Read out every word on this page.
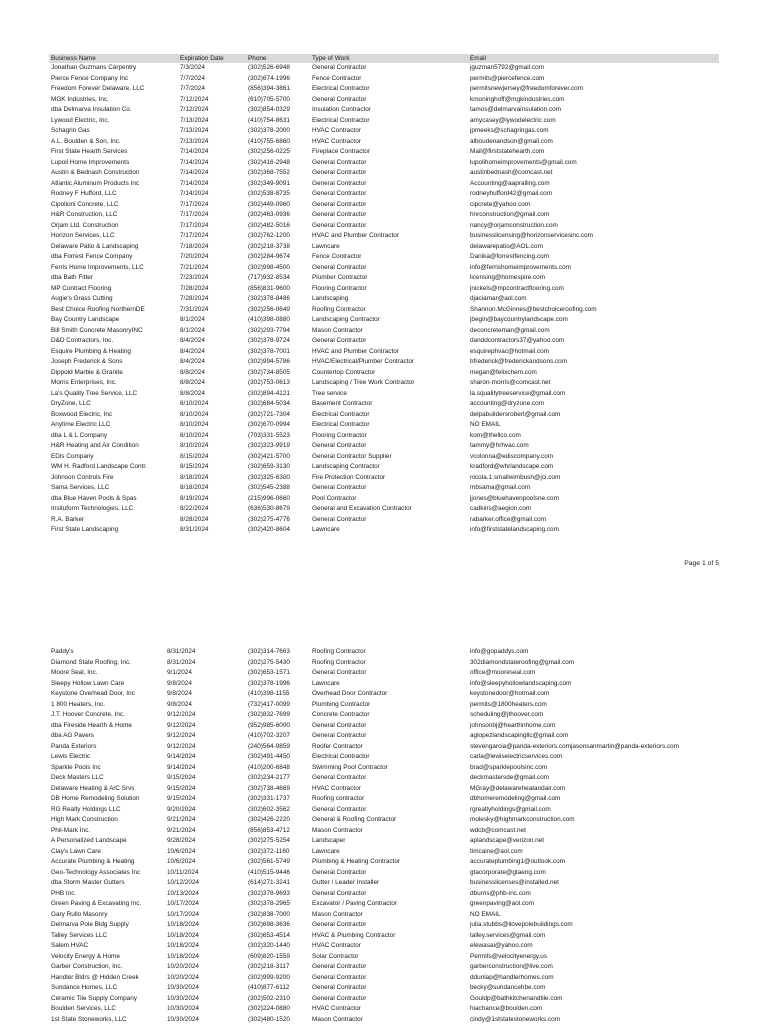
Business Name	Expiration Date	Phone	Type of Work	Email
Jonathan Guzmans Carpentry	7/3/2024	(302)526-6948	General Contractor	jguzman5792@gmail.com
Pierce Fence Company Inc	7/7/2024	(302)674-1996	Fence Contractor	permits@piercefence.com
Freedom Forever Delaware, LLC	7/7/2024	(856)394-3861	Electrical Contractor	permitsnewjersey@freedomforever.com
MGK Industries, Inc.	7/12/2024	(610)705-5700	General Contractor	kmoninghoff@mgkindustries.com
dba Delmarva Insulation Co.	7/12/2024	(302)854-0329	Insulation Contractor	tamos@delmarvainsulation.com
Lywood Electric, Inc.	7/13/2024	(410)754-8631	Electrical Contractor	amycasey@lywodelectric.com
Schagrin Gas	7/13/2024	(302)378-2000	HVAC Contractor	jpmeeks@schagringas.com
A.L. Boulden & Son, Inc.	7/13/2024	(410)755-6860	HVAC Contractor	alboudenandson@gmail.com
First State Hearth Services	7/14/2024	(302)256-0225	Fireplace Contractor	Mail@firststatehearth.com
Lupoli Home Improvements	7/14/2024	(302)416-2948	General Contractor	lupolihomeimprovements@gmail.com
Austin & Bednash Construction	7/14/2024	(302)368-7552	General Contractor	austinbednash@comcast.net
Atlantic Aluminum Products Inc	7/14/2024	(302)349-9091	General Contractor	Accounting@aapralling.com
Rodney F Hufford, LLC	7/14/2024	(302)538-8735	General Contractor	rodneyhufford42@gmail.com
Cipolloni Concrete, LLC	7/17/2024	(302)449-0960	General Contractor	cipcrete@yahoo.com
H&R Construction, LLC	7/17/2024	(302)463-0936	General Contractor	hnrconstruction@gmail.com
Orjam Ltd. Construction	7/17/2024	(302)482-5016	General Contractor	nancy@orjamconstruction.com
Horizon Services, LLC	7/17/2024	(302)762-1200	HVAC and Plumber Contractor	businesslicensing@horizonservicesinc.com
Delaware Patio & Landscaping	7/18/2024	(302)218-3738	Lawncare	delawarepatio@AOL.com
dba Forrest Fence Company	7/20/2024	(302)284-9674	Fence Contractor	Danika@forrestfencing.com
Ferris Home Improvements, LLC	7/21/2024	(302)998-4500	General Contractor	info@ferrishomeimprovements.com
dba Bath Fitter	7/23/2024	(717)932-8534	Plumber Contractor	licensing@homespire.com
MP Contract Flooring	7/28/2024	(856)831-9600	Flooring Contractor	jnickels@mpcontractflooring.com
Augie's Grass Cutting	7/28/2024	(302)378-8486	Landscaping	djaciamar@aol.com
Best Choice Roofing NorthernDE	7/31/2024	(302)256-0649	Roofing Contractor	Shannon.McGinnes@bestchoiceroofing.com
Bay Country Landscape	8/1/2024	(410)398-0880	Landscaping Contractor	jbegin@baycountrylandscape.com
Bill Smith Concrete MasonryINC	8/1/2024	(302)293-7794	Mason Contractor	deconcreteman@gmail.com
D&D Contractors, Inc.	8/4/2024	(302)378-9724	General Contractor	danddcontractors37@yahoo.com
Esquire Plumbing & Heating	8/4/2024	(302)378-7001	HVAC and Plumber Contractor	esquirephvac@hotmail.com
Joseph Frederick & Sons	8/4/2024	(302)994-5786	HVAC/Electrical/Plumber Contractor	bfrederick@frederickandsons.com
Dippold Marble & Granite	8/8/2024	(302)734-8505	Countertop Contractor	megan@felixchem.com
Morris Enterprises, Inc.	8/8/2024	(302)753-0613	Landscaping / Tree Work Contractor	sharon-morris@comcast.net
La's Quality Tree Service, LLC	8/8/2024	(302)894-4121	Tree service	la.squalitytreeservice@gmail.com
DryZone, LLC	8/10/2024	(302)684-5034	Basement Contractor	accounting@dryzone.com
Boxwood Electric, Inc	8/10/2024	(302)721-7304	Electrical Contractor	delpabuildersrobert@gmail.com
Anytime Electric LLC	8/10/2024	(302)670-0994	Electrical Contractor	NO EMAIL
dba L & L Company	8/10/2024	(703)331-5523	Flooring Contractor	kom@thellco.com
H&R Heating and Air Condition	8/10/2024	(302)323-9919	General Contractor	tammy@hrhvac.com
EDis Company	8/15/2024	(302)421-5700	General Contractor Supplier	vcolonna@ediscompany.com
WM H. Radford Landscape Contr.	8/15/2024	(302)659-3130	Landscaping Contractor	kradford@whrlandscape.com
Johnson Controls Fire	8/18/2024	(302)325-6300	Fire Protection Contractor	nicola.1.smallwimbush@jci.com
Sama Services, LLC	8/18/2024	(302)545-2388	General Contractor	mbsama@gmail.com
dba Blue Haven Pools & Spas	8/19/2024	(215)996-0660	Pool Contractor	jjones@bluehavenpoolsne.com
Insituform Technologies, LLC	8/22/2024	(636)530-8679	General and Excavation Contractor	cadkins@aegion.com
R.A. Barker	8/28/2024	(302)275-4776	General Contractor	rabarker.office@gmail.com
First State Landscaping	8/31/2024	(302)420-8604	Lawncare	info@firststatelandscaping.com
Page 1 of 5
Paddy's	8/31/2024	(302)314-7663	Roofing Contractor	info@gopaddys.com
Diamond State Roofing, Inc.	8/31/2024	(302)275-5430	Roofing Contractor	302diamondstateroofing@gmail.com
Moore Seal, Inc.	9/1/2024	(302)653-1571	General Contractor	office@mooreseal.com
Sleepy Hollow Lawn Care	9/8/2024	(302)378-1996	Lawncare	info@sleepyhollowlandscaping.com
Keystone Overhead Door, Inc	9/8/2024	(410)398-1155	Overhead Door Contractor	keystonedoor@hotmail.com
1 800 Heaters, Inc.	9/8/2024	(732)417-0099	Plumbing Contractor	permits@1800heaters.com
J.T. Hoover Concrete, Inc.	9/12/2024	(302)832-7699	Concrete Contractor	scheduling@jthoover.com
dba Fireside Hearth & Home	9/12/2024	(952)985-6000	General Contractor	johnsonbj@hearthnhome.com
dba AG Pavers	9/12/2024	(410)702-3207	General Contractor	aglopezlandscapingllc@gmail.com
Panda Exteriors	9/12/2024	(240)564-9859	Roofer Contractor	stevengarcia@panda-exteriors.comjasonsanmartin@panda-exteriors.com
Lewis Electric	9/14/2024	(302)491-4450	Electrical Contractor	carla@lewiselectricservices.com
Sparkle Pools Inc	9/14/2024	(410)200-6848	Swimming Pool Contractor	brad@sparklepoolsinc.com
Deck Masters LLC	9/15/2024	(302)234-2177	General Contractor	deckmastersde@gmail.com
Delaware Heating & A/C Srvs	9/15/2024	(302)738-4669	HVAC Contractor	MGray@delawareheatandair.com
DB Home Remodeling Solution	9/15/2024	(302)331-1737	Roofing contractor	dbhomeremodeling@gmail.com
RG Realty Holdings LLC	9/20/2024	(302)602-3562	General Contractor	rgrealtyholdings@gmail.com
High Mark Construction	9/21/2024	(302)426-2220	General & Roofing Contractor	molesky@highmarkconstruction.com
Phil-Mark Inc.	9/21/2024	(856)853-4712	Mason Contractor	wdcb@comcast.net
A Personalized Landscape	9/28/2024	(302)275-5254	Landscaper	aplandscape@verizon.net
Clay's Lawn Care	10/6/2024	(302)372-1160	Lawncare	timcaine@aol.com
Accurate Plumbing & Heating	10/6/2024	(302)561-5749	Plumbing & Heating Contractor	accurateplumbing1@outlook.com
Geo-Technology Associates Inc	10/11/2024	(410)515-9446	General Contractor	gtacorporate@gtaeng.com
dba Storm Master Gutters	10/12/2024	(614)271-3241	Gutter / Leader Installer	businesslicenses@installed.net
PHB Inc.	10/13/2024	(302)378-9693	General Contractor	dburris@phb-inc.com
Green Paving & Excavating Inc.	10/17/2024	(302)378-2965	Excavator / Paving Contractor	greenpaving@aol.com
Gary Rullo Masonry	10/17/2024	(302)838-7000	Mason Contractor	NO EMAIL
Delmarva Pole Bldg Supply	10/18/2024	(302)698-3636	General Contractor	julia.stubbs@ilovepolebuildings.com
Talley Services LLC	10/18/2024	(302)653-4514	HVAC & Plumbing Contractor	talley.services@gmail.com
Salem HVAC	10/18/2024	(302)320-1440	HVAC Contractor	elewasai@yahoo.com
Velocity Energy & Home	10/18/2024	(609)820-1559	Solar Contractor	Permits@velocityenergy.us
Garber Construction, Inc.	10/20/2024	(302)218-3117	General Contractor	garberconstruction@live.com
Handler Bldrs @ Hidden Creek	10/20/2024	(302)999-9200	General Contractor	ddunlap@handlerhomes.com
Sundance Homes, LLC	10/30/2024	(410)877-6112	General Contractor	becky@sundancehbe.com
Ceramic Tile Supply Company	10/30/2024	(302)502-2310	General Contractor	Gouldp@bathkitchenandtile.com
Boulden Services, LLC	10/30/2024	(302)224-0880	HVAC Contractor	hiachance@boulden.com
1st State Stoneworks, LLC	10/30/2024	(302)480-1520	Mason Contractor	cindy@1ststatestoneworks.com
